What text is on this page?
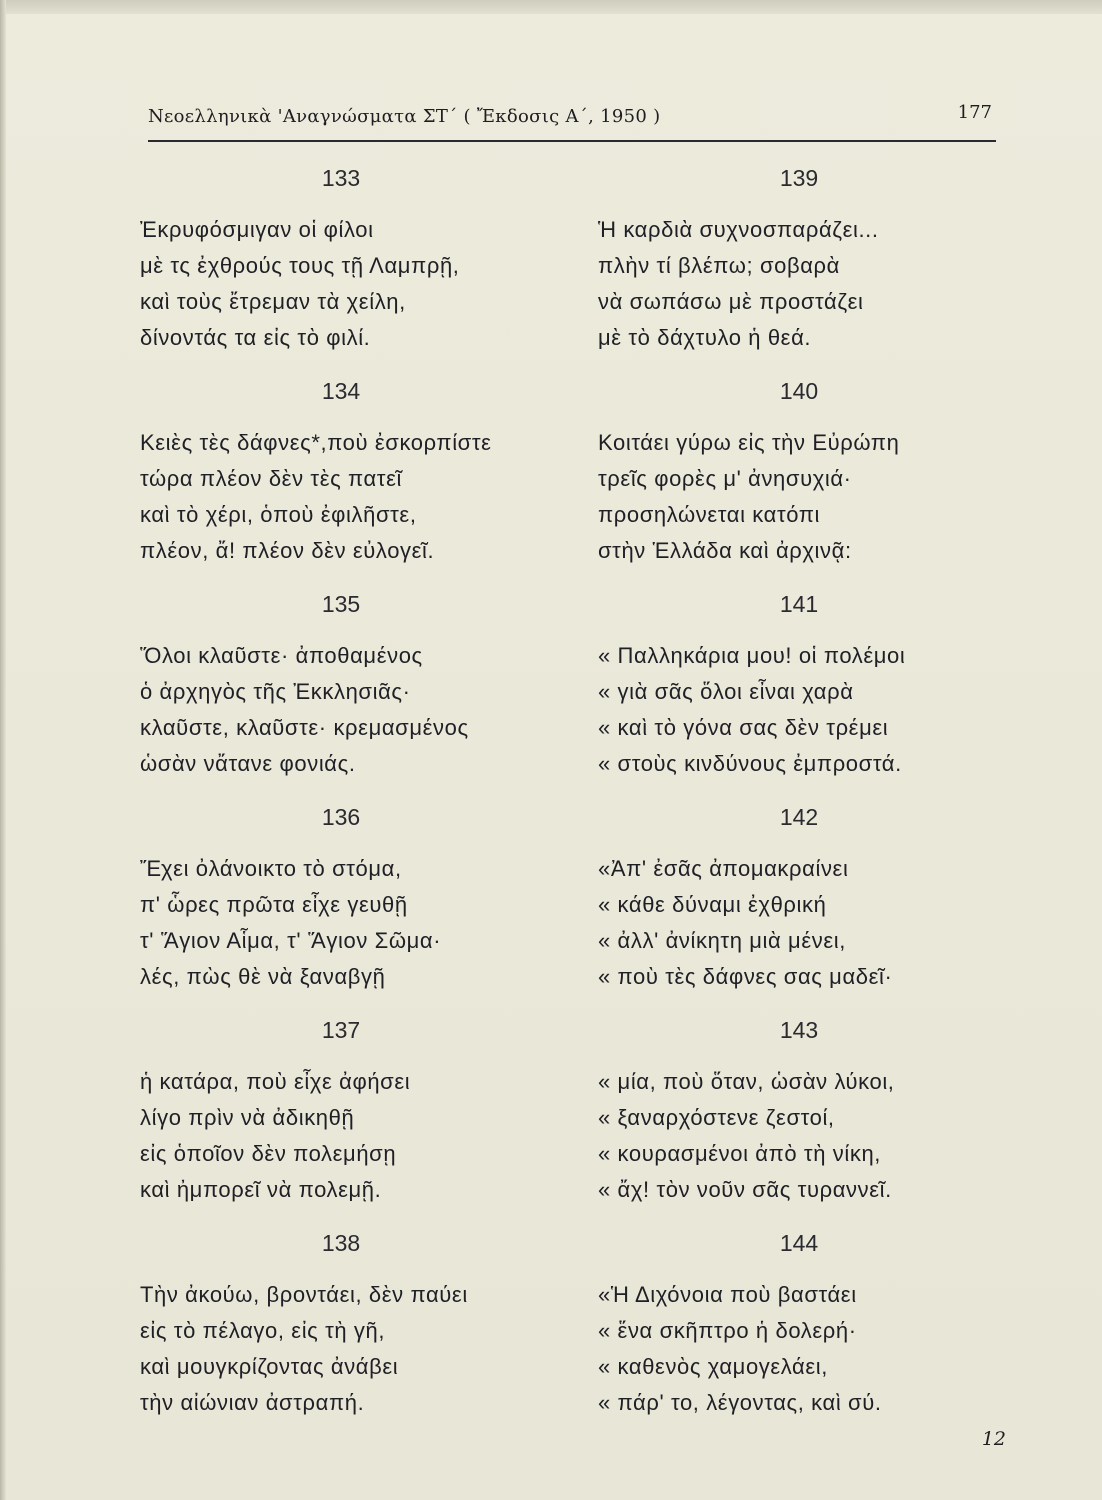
Νεοελληνικὰ 'Αναγνώσματα ΣΤ΄ ( Ἔκδοσις Α΄, 1950 )	177
133
Ἐκρυφόσμιγαν οἱ φίλοι
μὲ τς ἐχθρούς τους τῇ Λαμπρῇ,
καὶ τοὺς ἔτρεμαν τὰ χείλη,
δίνοντάς τα εἰς τὸ φιλί.
134
Κειὲς τὲς δάφνες*,ποὺ ἐσκορπίστε
τώρα πλέον δὲν τὲς πατεῖ
καὶ τὸ χέρι, ὁποὺ ἐφιλῆστε,
πλέον, ἄ! πλέον δὲν εὐλογεῖ.
135
Ὅλοι κλαῦστε· ἀποθαμένος
ὁ ἀρχηγὸς τῆς Ἐκκλησιᾶς·
κλαῦστε, κλαῦστε· κρεμασμένος
ὡσὰν νἄτανε φονιάς.
136
Ἔχει ὀλάνοικτο τὸ στόμα,
π' ὧρες πρῶτα εἶχε γευθῇ
τ' Ἅγιον Αἷμα, τ' Ἅγιον Σῶμα·
λές, πὼς θὲ νὰ ξαναβγῇ
137
ἡ κατάρα, ποὺ εἶχε ἀφήσει
λίγο πρὶν νὰ ἀδικηθῇ
εἰς ὁποῖον δὲν πολεμήσῃ
καὶ ἠμπορεῖ νὰ πολεμῇ.
138
Τὴν ἀκούω, βροντάει, δὲν παύει
εἰς τὸ πέλαγο, εἰς τὴ γῆ,
καὶ μουγκρίζοντας ἀνάβει
τὴν αἰώνιαν ἀστραπή.
139
Ἡ καρδιὰ συχνοσπαράζει...
πλὴν τί βλέπω; σοβαρὰ
νὰ σωπάσω μὲ προστάζει
μὲ τὸ δάχτυλο ἡ θεά.
140
Κοιτάει γύρω εἰς τὴν Εὐρώπη
τρεῖς φορὲς μ' ἀνησυχιά·
προσηλώνεται κατόπι
στὴν Ἑλλάδα καὶ ἀρχινᾷ:
141
« Παλληκάρια μου! οἱ πολέμοι
« γιὰ σᾶς ὅλοι εἶναι χαρὰ
« καὶ τὸ γόνα σας δὲν τρέμει
« στοὺς κινδύνους ἐμπροστά.
142
«Ἀπ' ἐσᾶς ἀπομακραίνει
« κάθε δύναμι ἐχθρική
« ἀλλ' ἀνίκητη μιὰ μένει,
« ποὺ τὲς δάφνες σας μαδεῖ·
143
« μία, ποὺ ὅταν, ὡσὰν λύκοι,
« ξαναρχόστενε ζεστοί,
« κουρασμένοι ἀπὸ τὴ νίκη,
« ἄχ! τὸν νοῦν σᾶς τυραννεῖ.
144
«Ἡ Διχόνοια ποὺ βαστάει
« ἕνα σκῆπτρο ἡ δολερή·
« καθενὸς χαμογελάει,
« πάρ' το, λέγοντας, καὶ σύ.
12
